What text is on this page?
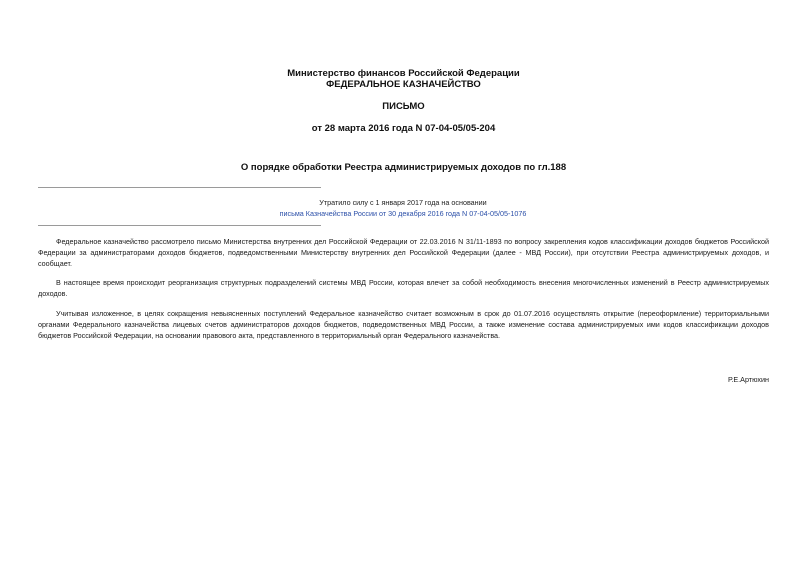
Министерство финансов Российской Федерации
ФЕДЕРАЛЬНОЕ КАЗНАЧЕЙСТВО
ПИСЬМО
от 28 марта 2016 года N 07-04-05/05-204
О порядке обработки Реестра администрируемых доходов по гл.188
Утратило силу с 1 января 2017 года на основании
письма Казначейства России от 30 декабря 2016 года N 07-04-05/05-1076
Федеральное казначейство рассмотрело письмо Министерства внутренних дел Российской Федерации от 22.03.2016 N 31/11-1893 по вопросу закрепления кодов классификации доходов бюджетов Российской Федерации за администраторами доходов бюджетов, подведомственными Министерству внутренних дел Российской Федерации (далее - МВД России), при отсутствии Реестра администрируемых доходов, и сообщает.
В настоящее время происходит реорганизация структурных подразделений системы МВД России, которая влечет за собой необходимость внесения многочисленных изменений в Реестр администрируемых доходов.
Учитывая изложенное, в целях сокращения невыясненных поступлений Федеральное казначейство считает возможным в срок до 01.07.2016 осуществлять открытие (переоформление) территориальными органами Федерального казначейства лицевых счетов администраторов доходов бюджетов, подведомственных МВД России, а также изменение состава администрируемых ими кодов классификации доходов бюджетов Российской Федерации, на основании правового акта, представленного в территориальный орган Федерального казначейства.
Р.Е.Артюхин
